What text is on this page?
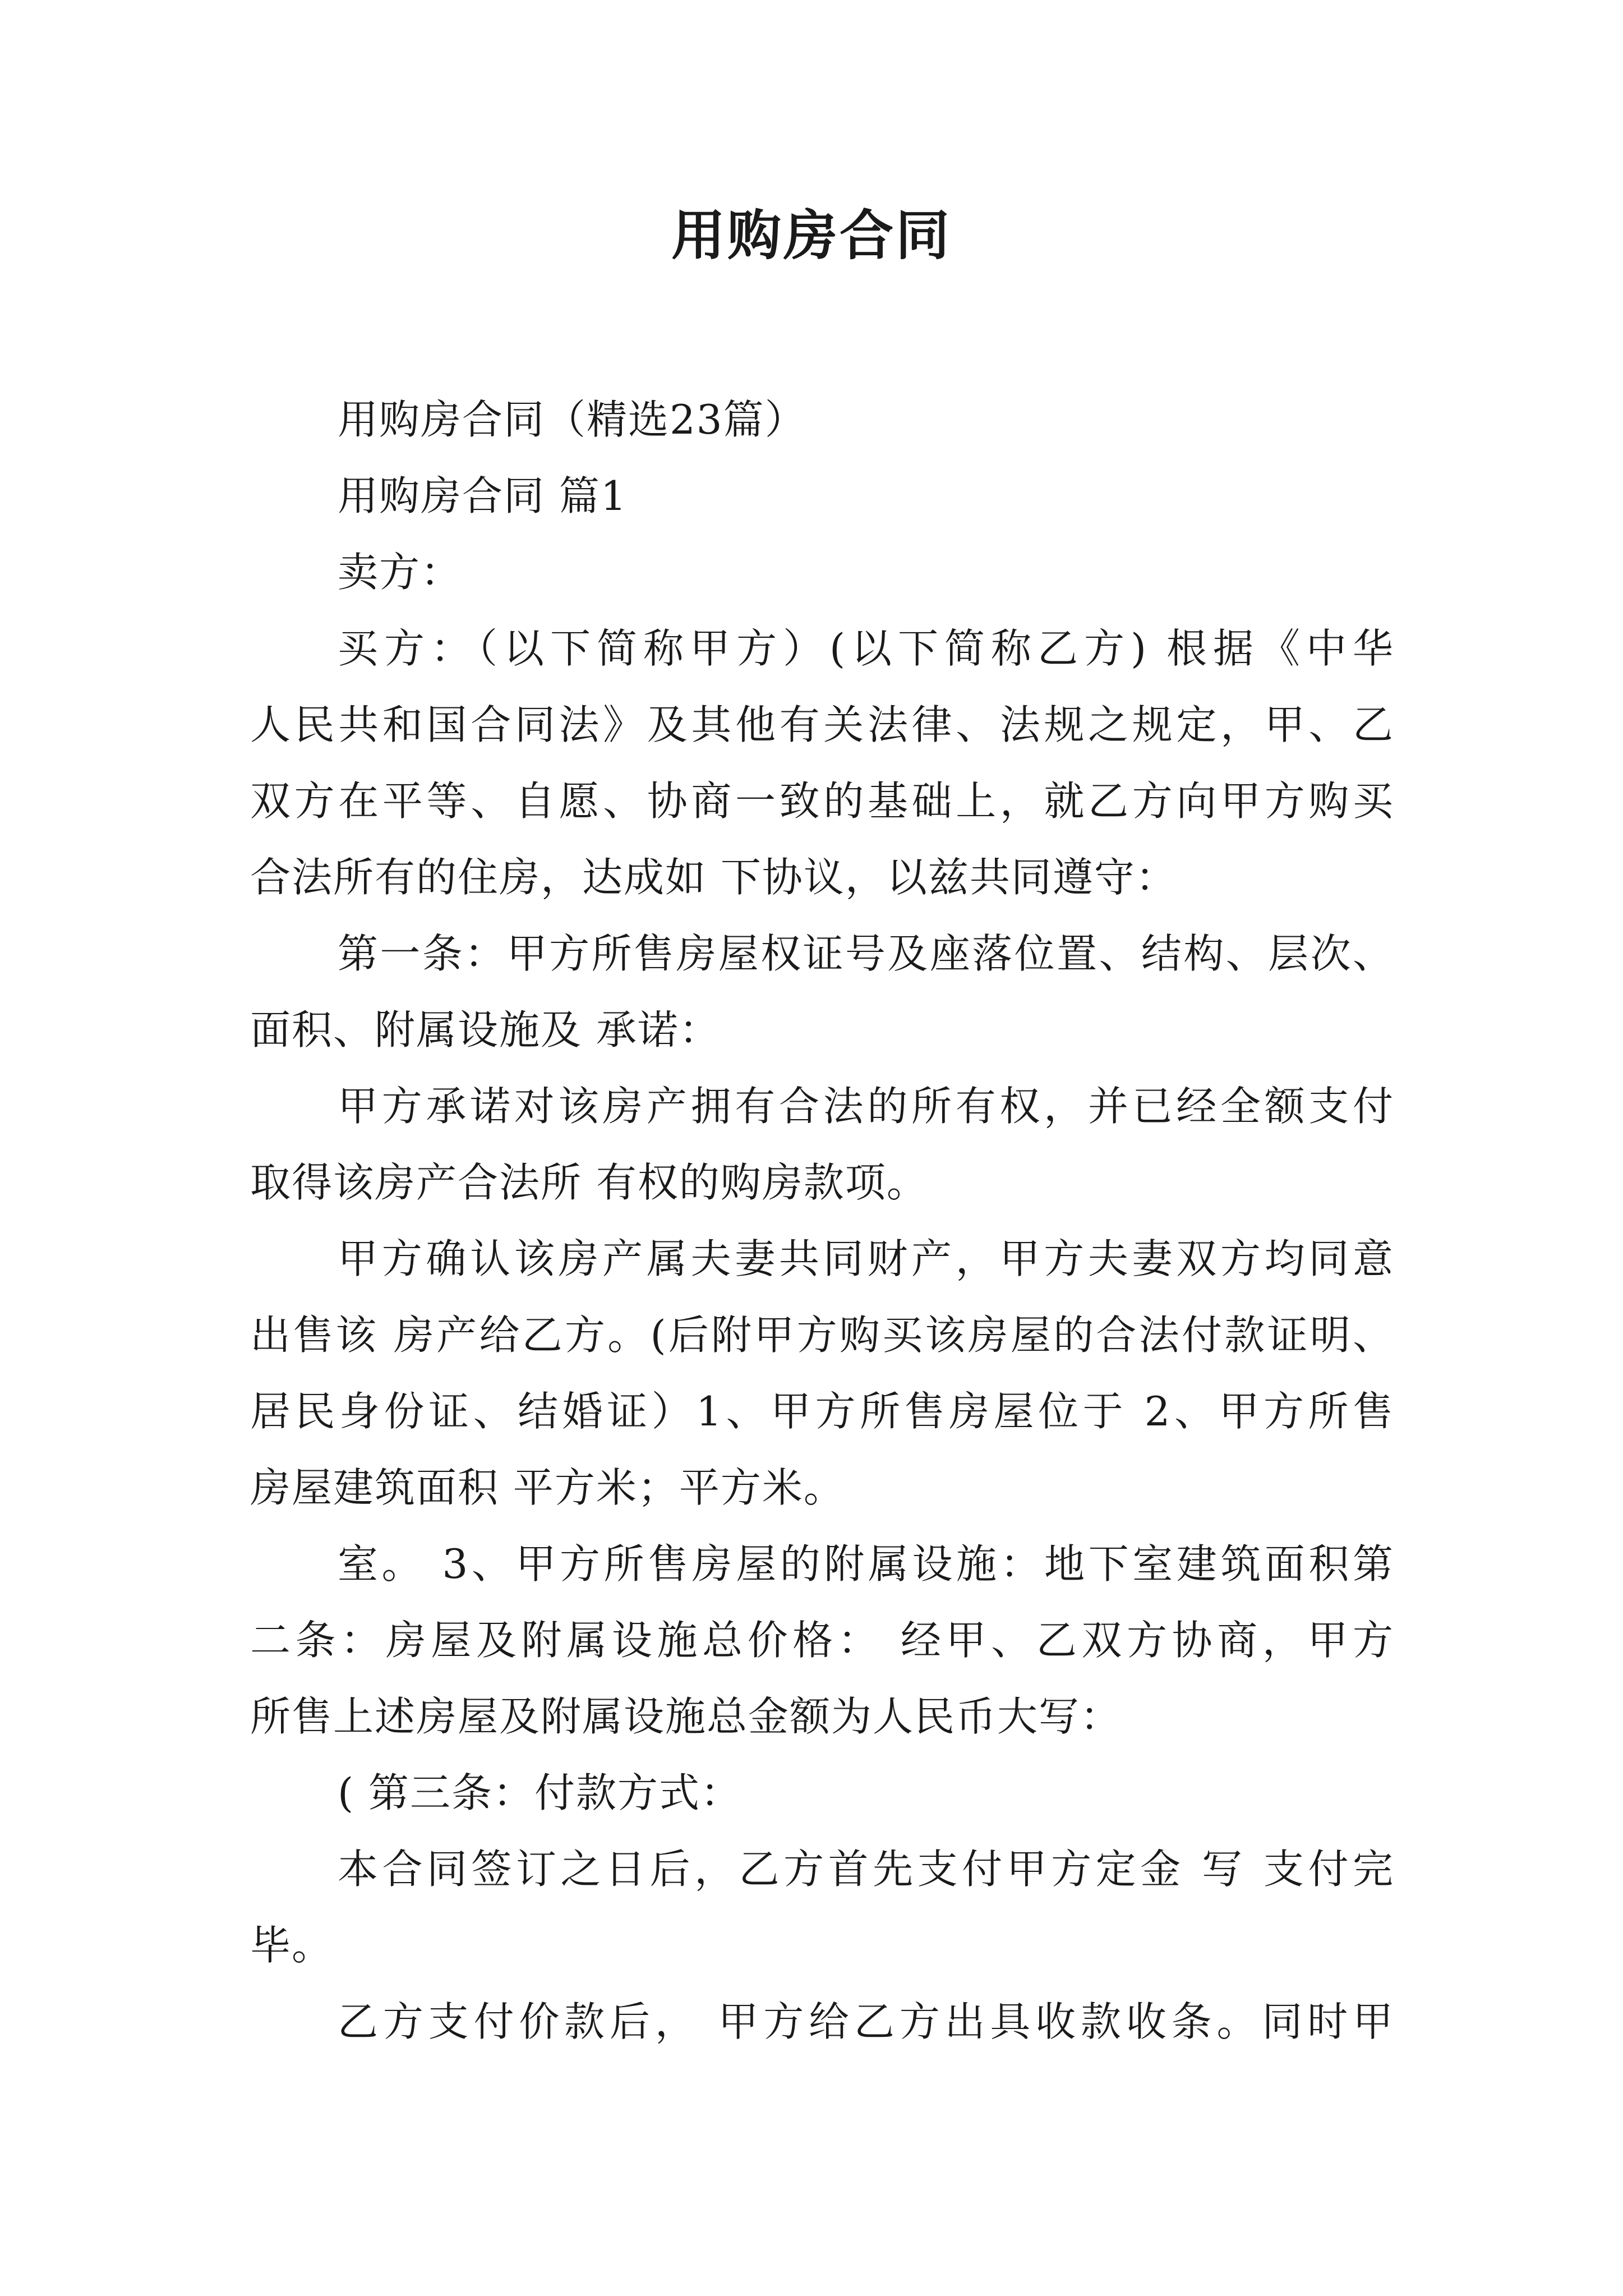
用购房合同
用购房合同（精选23篇）
用购房合同 篇1
卖方：
买方：（以下简称甲方）(以下简称乙方) 根据《中华
人民共和国合同法》及其他有关法律、法规之规定，甲、乙
双方在平等、自愿、协商一致的基础上，就乙方向甲方购买
合法所有的住房，达成如 下协议，以兹共同遵守：
第一条：甲方所售房屋权证号及座落位置、结构、层次、
面积、附属设施及 承诺：
甲方承诺对该房产拥有合法的所有权，并已经全额支付
取得该房产合法所 有权的购房款项。
甲方确认该房产属夫妻共同财产，甲方夫妻双方均同意
出售该 房产给乙方。(后附甲方购买该房屋的合法付款证明、
居民身份证、结婚证）1、甲方所售房屋位于 2、甲方所售
房屋建筑面积 平方米；平方米。
室。 3、甲方所售房屋的附属设施：地下室建筑面积第
二条：房屋及附属设施总价格： 经甲、乙双方协商，甲方
所售上述房屋及附属设施总金额为人民币大写：
( 第三条：付款方式：
本合同签订之日后，乙方首先支付甲方定金 写 支付完
毕。
乙方支付价款后， 甲方给乙方出具收款收条。同时甲
